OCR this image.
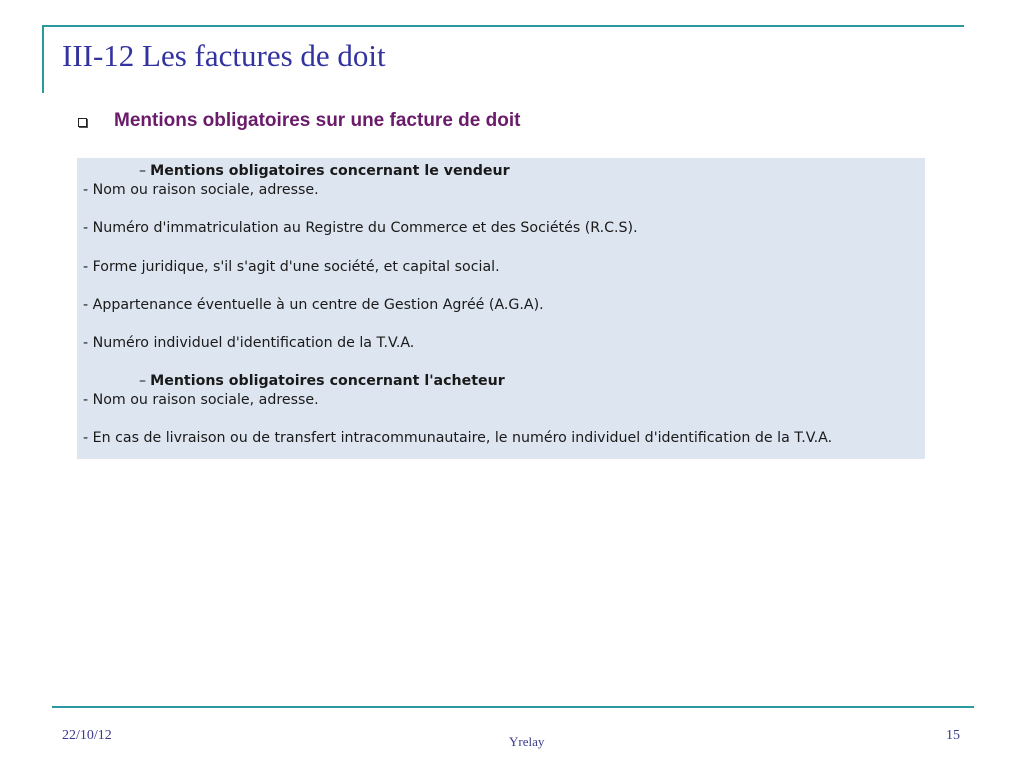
III-12 Les factures de doit
Mentions obligatoires sur une facture de doit
– Mentions obligatoires concernant le vendeur
- Nom ou raison sociale, adresse.
- Numéro d'immatriculation au Registre du Commerce et des Sociétés (R.C.S).
- Forme juridique, s'il s'agit d'une société, et capital social.
- Appartenance éventuelle à un centre de Gestion Agréé (A.G.A).
- Numéro individuel d'identification de la T.V.A.
– Mentions obligatoires concernant l'acheteur
- Nom ou raison sociale, adresse.
- En cas de livraison ou de transfert intracommunautaire, le numéro individuel d'identification de la T.V.A.
22/10/12	Yrelay	15
